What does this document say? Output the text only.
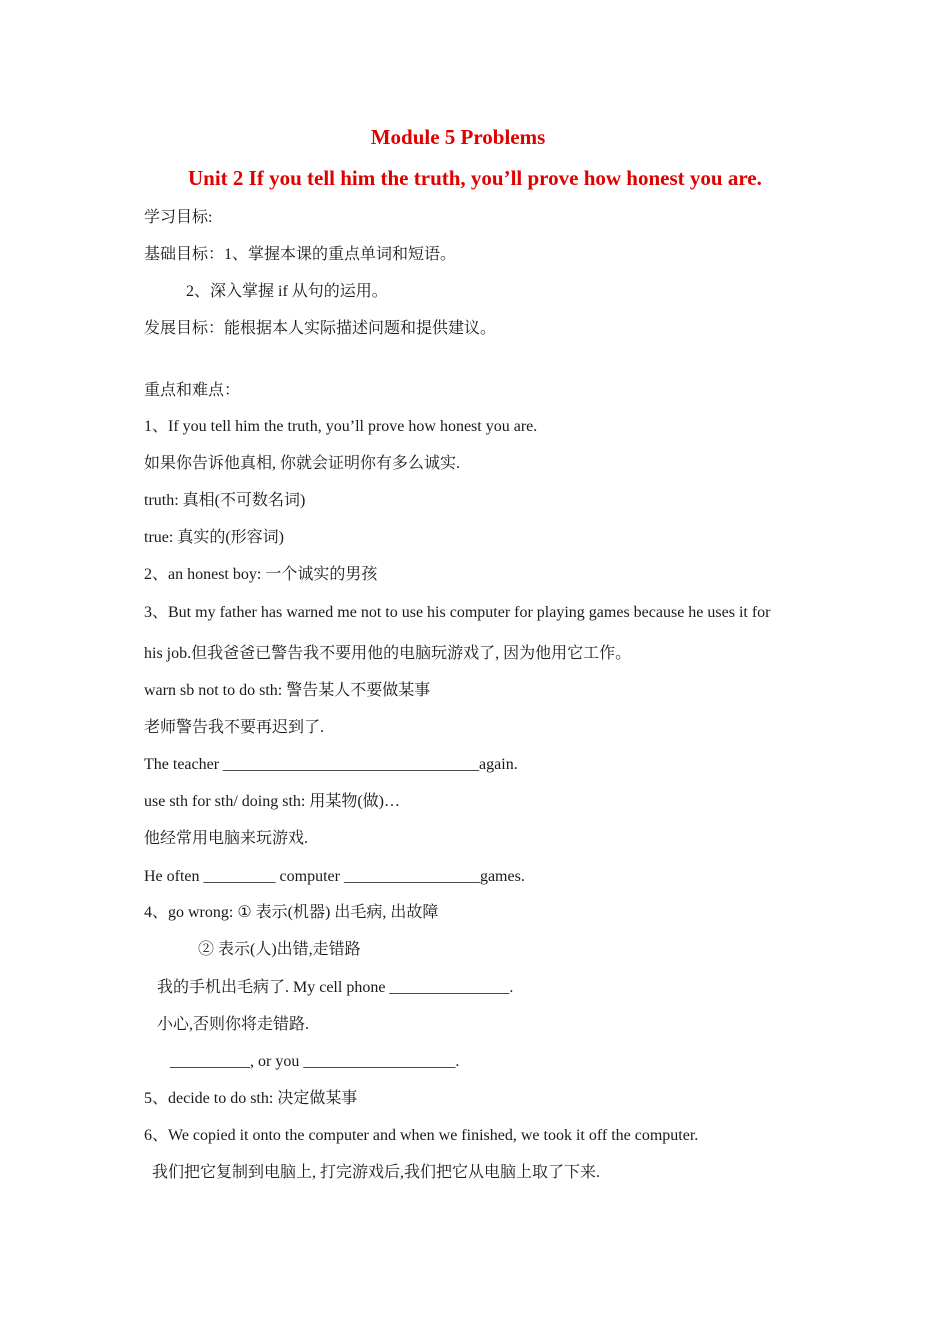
Module 5 Problems
Unit 2 If you tell him the truth, you’ll prove how honest you are.
学习目标:
基础目标：1、掌握本课的重点单词和短语。
2、深入掌握 if 从句的运用。
发展目标：能根据本人实际描述问题和提供建议。
重点和难点：
1、If you tell him the truth, you’ll prove how honest you are.
如果你告诉他真相, 你就会证明你有多么诚实.
truth: 真相(不可数名词)
true: 真实的(形容词)
2、an honest boy: 一个诚实的男孩
3、But my father has warned me not to use his computer for playing games because he uses it for
his job.但我爸爸已警告我不要用他的电脑玩游戏了, 因为他用它工作。
warn sb not to do sth: 警告某人不要做某事
老师警告我不要再迟到了.
The teacher ________________________________again.
use sth for sth/ doing sth: 用某物(做)…
他经常用电脑来玩游戏.
He often _________ computer _________________games.
4、go wrong: ① 表示(机器) 出毛病, 出故障
② 表示(人)出错,走错路
我的手机出毛病了. My cell phone _______________.
小心,否则你将走错路.
__________, or you ___________________.
5、decide to do sth: 决定做某事
6、We copied it onto the computer and when we finished, we took it off the computer.
我们把它复制到电脑上, 打完游戏后,我们把它从电脑上取了下来.
